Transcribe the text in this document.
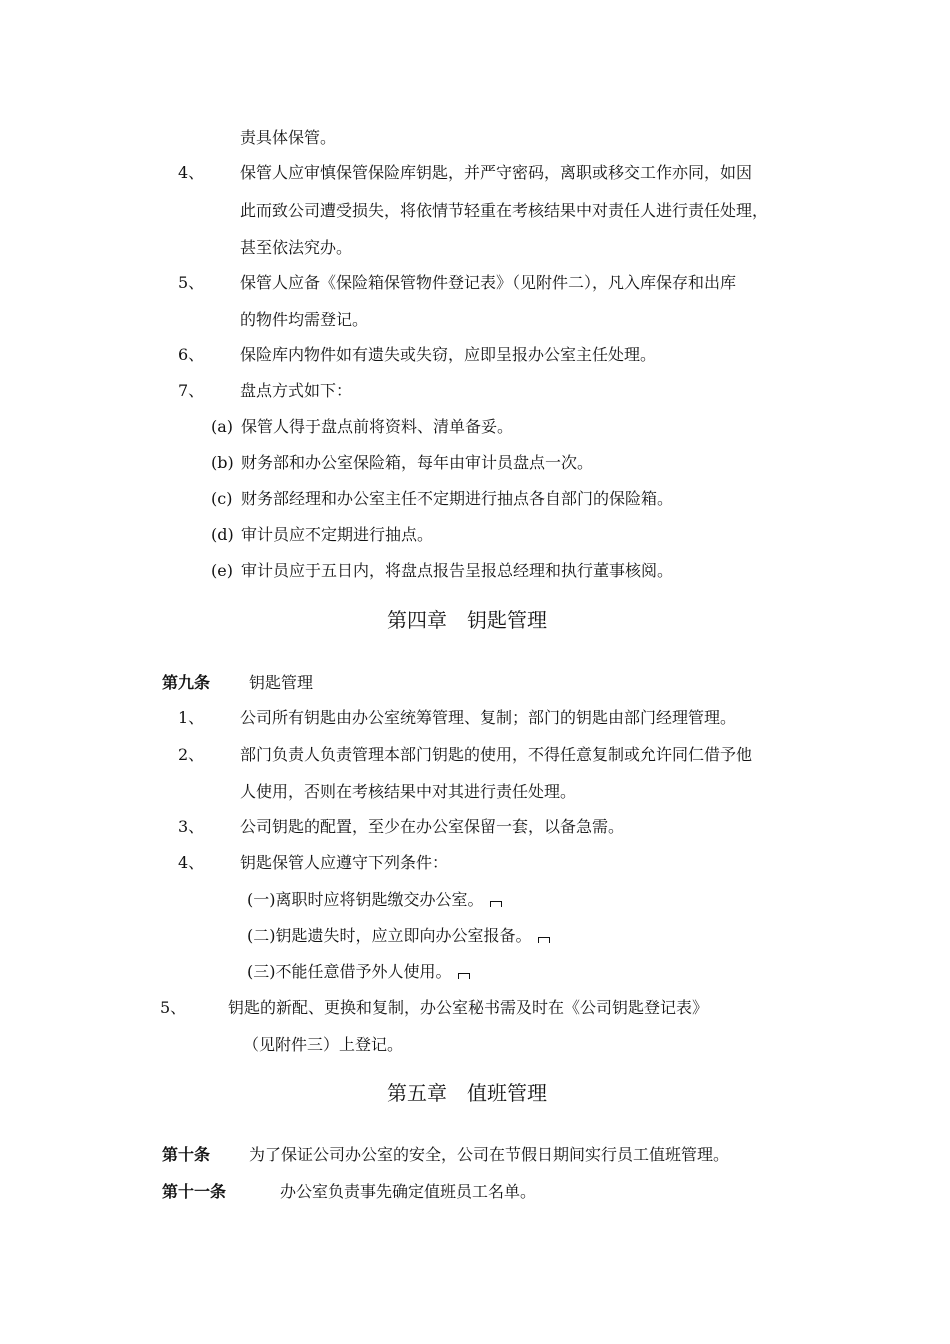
责具体保管。
4、 保管人应审慎保管保险库钥匙，并严守密码，离职或移交工作亦同，如因
此而致公司遭受损失，将依情节轻重在考核结果中对责任人进行责任处理，
甚至依法究办。
5、 保管人应备《保险箱保管物件登记表》（见附件二），凡入库保存和出库
的物件均需登记。
6、 保险库内物件如有遗失或失窃，应即呈报办公室主任处理。
7、 盘点方式如下：
(a) 保管人得于盘点前将资料、清单备妥。
(b) 财务部和办公室保险箱，每年由审计员盘点一次。
(c) 财务部经理和办公室主任不定期进行抽点各自部门的保险箱。
(d) 审计员应不定期进行抽点。
(e) 审计员应于五日内，将盘点报告呈报总经理和执行董事核阅。
第四章　钥匙管理
第九条 钥匙管理
1、 公司所有钥匙由办公室统筹管理、复制；部门的钥匙由部门经理管理。
2、 部门负责人负责管理本部门钥匙的使用，不得任意复制或允许同仁借予他
人使用，否则在考核结果中对其进行责任处理。
3、 公司钥匙的配置，至少在办公室保留一套，以备急需。
4、 钥匙保管人应遵守下列条件：
(一)离职时应将钥匙缴交办公室。
(二)钥匙遗失时，应立即向办公室报备。
(三)不能任意借予外人使用。
5、	钥匙的新配、更换和复制，办公室秘书需及时在《公司钥匙登记表》
（见附件三）上登记。
第五章　值班管理
第十条 为了保证公司办公室的安全，公司在节假日期间实行员工值班管理。
第十一条	办公室负责事先确定值班员工名单。
